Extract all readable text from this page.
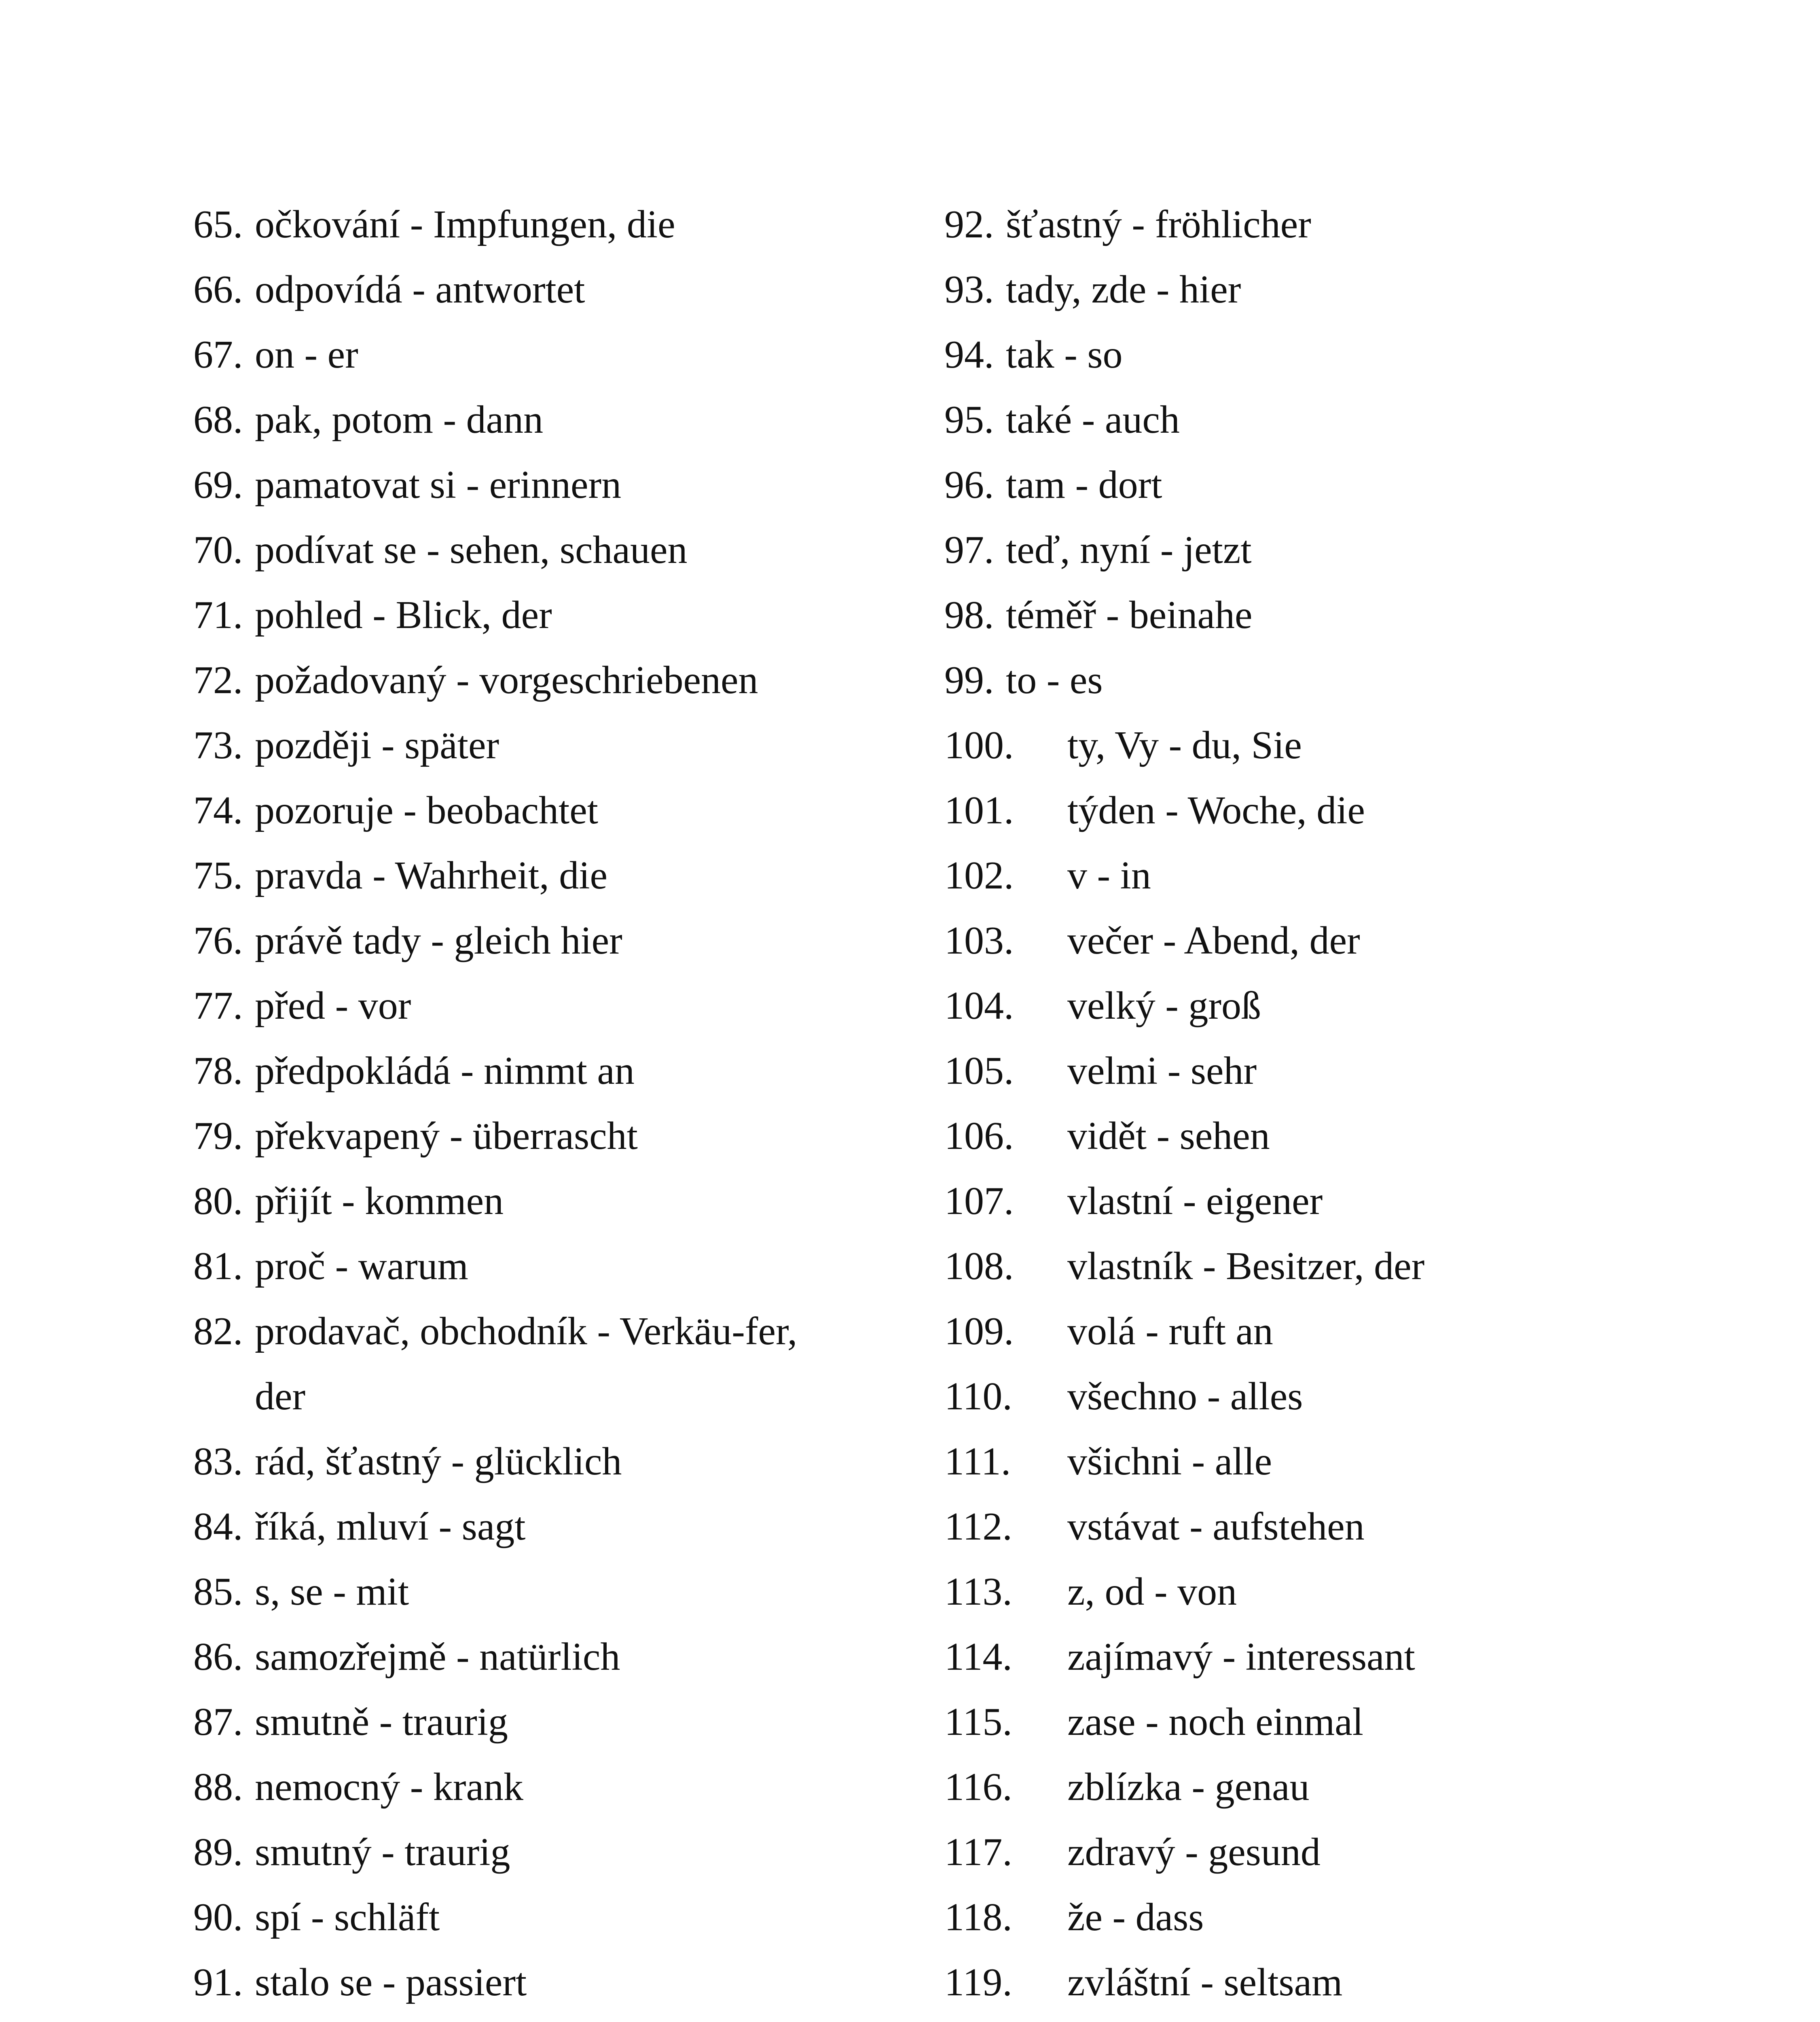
65. očkování - Impfungen, die
66. odpovídá - antwortet
67. on - er
68. pak, potom - dann
69. pamatovat si - erinnern
70. podívat se - sehen, schauen
71. pohled - Blick, der
72. požadovaný - vorgeschriebenen
73. později - später
74. pozoruje - beobachtet
75. pravda - Wahrheit, die
76. právě tady - gleich hier
77. před - vor
78. předpokládá - nimmt an
79. překvapený - überrascht
80. přijít - kommen
81. proč - warum
82. prodavač, obchodník - Verkäu-fer, der
83. rád, šťastný - glücklich
84. říká, mluví - sagt
85. s, se - mit
86. samozřejmě - natürlich
87. smutně - traurig
88. nemocný - krank
89. smutný - traurig
90. spí - schläft
91. stalo se - passiert
92. šťastný - fröhlicher
93. tady, zde - hier
94. tak - so
95. také - auch
96. tam - dort
97. teď, nyní - jetzt
98. téměř - beinahe
99. to - es
100.	ty, Vy - du, Sie
101.	týden - Woche, die
102.	v - in
103.	večer - Abend, der
104.	velký - groß
105.	velmi - sehr
106.	vidět - sehen
107.	vlastní - eigener
108.	vlastník - Besitzer, der
109.	volá - ruft an
110.	všechno - alles
111.	všichni - alle
112.	vstávat - aufstehen
113.	z, od - von
114.	zajímavý - interessant
115.	zase - noch einmal
116.	zblízka - genau
117.	zdravý - gesund
118.	že - dass
119.	zvláštní - seltsam
